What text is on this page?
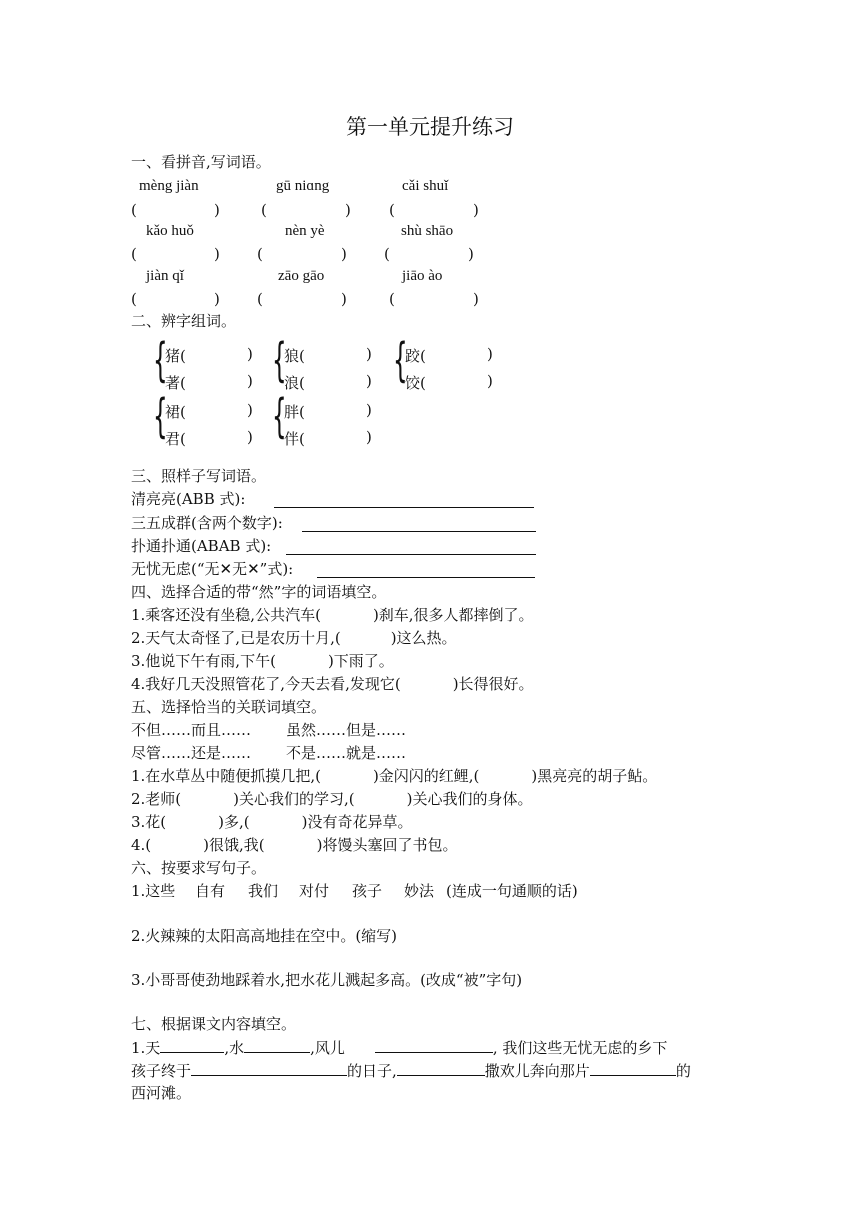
第一单元提升练习
一、看拼音,写词语。
mèng jiàn	gū niɑng	cǎi shuǐ
(	)	(	)	(	)
kǎo huǒ	nèn yè	shù shāo
(	) (	) (	)
jiàn qǐ	zāo gāo	jiāo ào
(	) (	)	(	)
二、辨字组词。
{
猪(	)
著(	) {
狼(	)
浪(	) {
跤(	)
饺(	)
{
裙(	)
君(	) {
胖(	)
伴(	)
三、照样子写词语。
清亮亮(ABB 式):
三五成群(含两个数字):
扑通扑通(ABAB 式):
无忧无虑(“无✕无✕”式):
四、选择合适的带“然”字的词语填空。
1.乘客还没有坐稳,公共汽车(	)刹车,很多人都摔倒了。
2.天气太奇怪了,已是农历十月,(	)这么热。
3.他说下午有雨,下午(	)下雨了。
4.我好几天没照管花了,今天去看,发现它(	)长得很好。
五、选择恰当的关联词填空。
不但……而且…… 虽然……但是……
尽管……还是…… 不是……就是……
1.在水草丛中随便抓摸几把,(	)金闪闪的红鲤,(	)黑亮亮的胡子鲇。
2.老师(	)关心我们的学习,(	)关心我们的身体。
3.花(	)多,(	)没有奇花异草。
4.(	)很饿,我(	)将馒头塞回了书包。
六、按要求写句子。
1.这些 自有 我们 对付 孩子 妙法 (连成一句通顺的话)
2.火辣辣的太阳高高地挂在空中。(缩写)
3.小哥哥使劲地踩着水,把水花儿溅起多高。(改成“被”字句)
七、根据课文内容填空。
1.天	,水	,风儿	, 我们这些无忧无虑的乡下
孩子终于	的日子,	撒欢儿奔向那片	的
西河滩。
